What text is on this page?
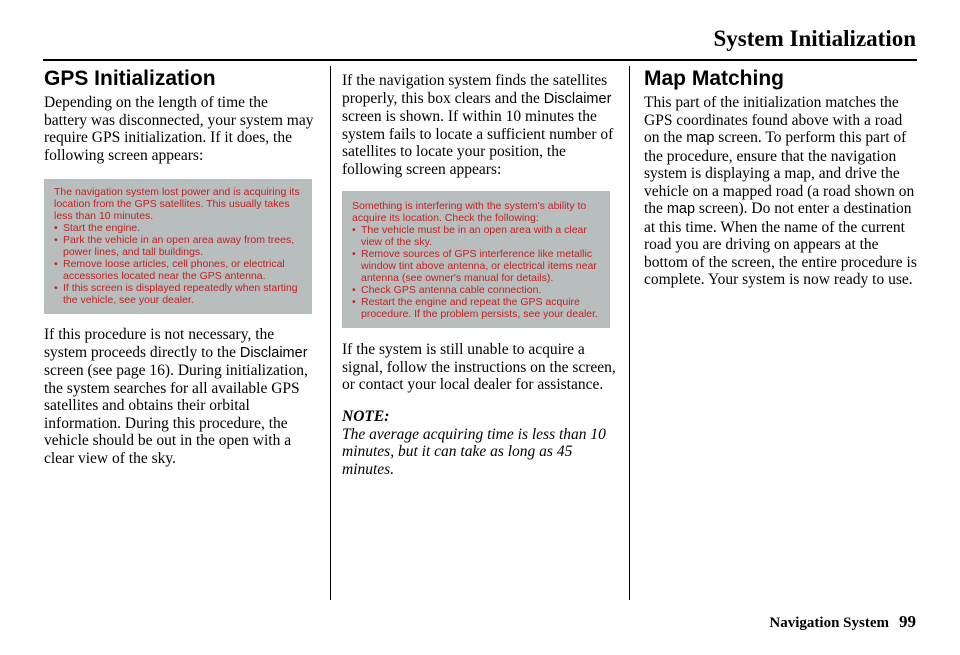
System Initialization
GPS Initialization

Depending on the length of time the battery was disconnected, your system may require GPS initialization. If it does, the following screen appears:

The navigation system lost power and is acquiring its location from the GPS satellites. This usually takes less than 10 minutes.
• Start the engine.
• Park the vehicle in an open area away from trees, power lines, and tall buildings.
• Remove loose articles, cell phones, or electrical accessories located near the GPS antenna.
• If this screen is displayed repeatedly when starting the vehicle, see your dealer.

If this procedure is not necessary, the system proceeds directly to the Disclaimer screen (see page 16). During initialization, the system searches for all available GPS satellites and obtains their orbital information. During this procedure, the vehicle should be out in the open with a clear view of the sky.

If the navigation system finds the satellites properly, this box clears and the Disclaimer screen is shown. If within 10 minutes the system fails to locate a sufficient number of satellites to locate your position, the following screen appears:

Something is interfering with the system's ability to acquire its location. Check the following:
• The vehicle must be in an open area with a clear view of the sky.
• Remove sources of GPS interference like metallic window tint above antenna, or electrical items near antenna (see owner's manual for details).
• Check GPS antenna cable connection.
• Restart the engine and repeat the GPS acquire procedure. If the problem persists, see your dealer.

If the system is still unable to acquire a signal, follow the instructions on the screen, or contact your local dealer for assistance.

NOTE:
The average acquiring time is less than 10 minutes, but it can take as long as 45 minutes.
Map Matching

This part of the initialization matches the GPS coordinates found above with a road on the map screen. To perform this part of the procedure, ensure that the navigation system is displaying a map, and drive the vehicle on a mapped road (a road shown on the map screen). Do not enter a destination at this time. When the name of the current road you are driving on appears at the bottom of the screen, the entire procedure is complete. Your system is now ready to use.

Navigation System 99
